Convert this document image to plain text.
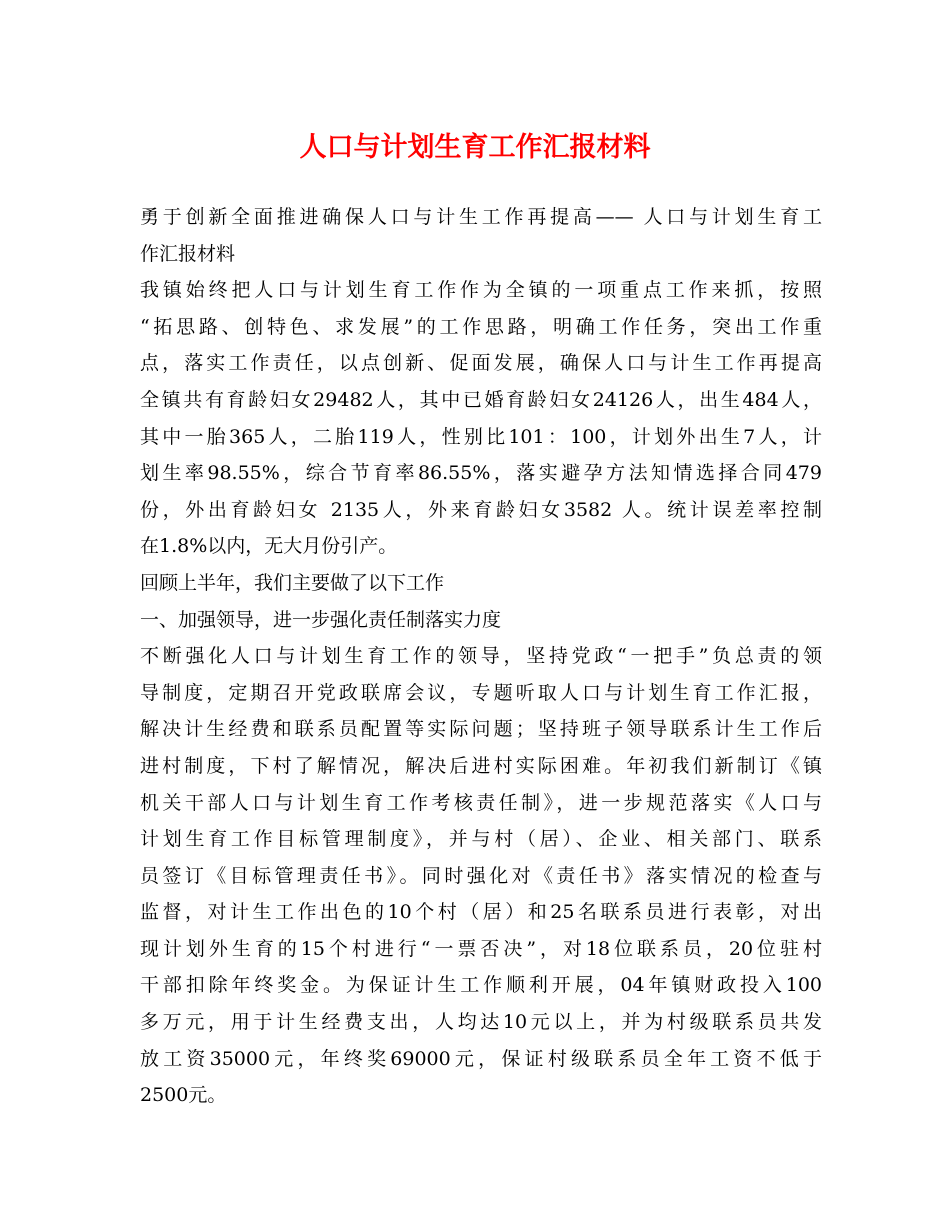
人口与计划生育工作汇报材料
勇于创新全面推进确保人口与计生工作再提高—— 人口与计划生育工
作汇报材料
我镇始终把人口与计划生育工作作为全镇的一项重点工作来抓，按照
“拓思路、创特色、求发展”的工作思路，明确工作任务，突出工作重
点，落实工作责任，以点创新、促面发展，确保人口与计生工作再提高
全镇共有育龄妇女29482人，其中已婚育龄妇女24126人，出生484人，
其中一胎365人，二胎119人，性别比101：100，计划外出生7人，计
划生率98.55%，综合节育率86.55%，落实避孕方法知情选择合同479
份，外出育龄妇女 2135人，外来育龄妇女3582 人。统计误差率控制
在1.8%以内，无大月份引产。
回顾上半年，我们主要做了以下工作
一、加强领导，进一步强化责任制落实力度
不断强化人口与计划生育工作的领导，坚持党政“一把手”负总责的领
导制度，定期召开党政联席会议，专题听取人口与计划生育工作汇报，
解决计生经费和联系员配置等实际问题；坚持班子领导联系计生工作后
进村制度，下村了解情况，解决后进村实际困难。年初我们新制订《镇
机关干部人口与计划生育工作考核责任制》，进一步规范落实《人口与
计划生育工作目标管理制度》，并与村（居）、企业、相关部门、联系
员签订《目标管理责任书》。同时强化对《责任书》落实情况的检查与
监督，对计生工作出色的10个村（居）和25名联系员进行表彰，对出
现计划外生育的15个村进行“一票否决”，对18位联系员，20位驻村
干部扣除年终奖金。为保证计生工作顺利开展，04年镇财政投入100
多万元，用于计生经费支出，人均达10元以上，并为村级联系员共发
放工资35000元，年终奖69000元，保证村级联系员全年工资不低于
2500元。
